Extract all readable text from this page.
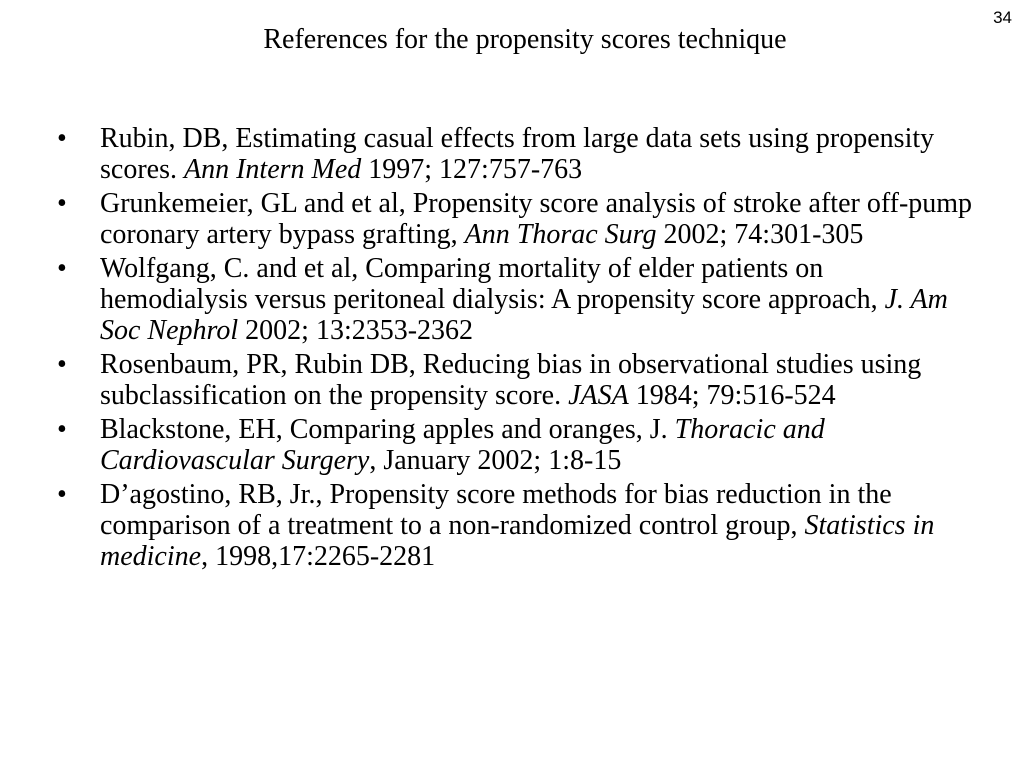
34
References for the propensity scores technique
• Rubin, DB, Estimating casual effects from large data sets using propensity scores. Ann Intern Med 1997; 127:757-763
• Grunkemeier, GL and et al, Propensity score analysis of stroke after off-pump coronary artery bypass grafting, Ann Thorac Surg 2002; 74:301-305
• Wolfgang, C. and et al, Comparing mortality of elder patients on hemodialysis versus peritoneal dialysis: A propensity score approach, J. Am Soc Nephrol 2002; 13:2353-2362
• Rosenbaum, PR, Rubin DB, Reducing bias in observational studies using subclassification on the propensity score. JASA 1984; 79:516-524
• Blackstone, EH, Comparing apples and oranges, J. Thoracic and Cardiovascular Surgery, January 2002; 1:8-15
• D’agostino, RB, Jr., Propensity score methods for bias reduction in the comparison of a treatment to a non-randomized control group, Statistics in medicine, 1998,17:2265-2281
